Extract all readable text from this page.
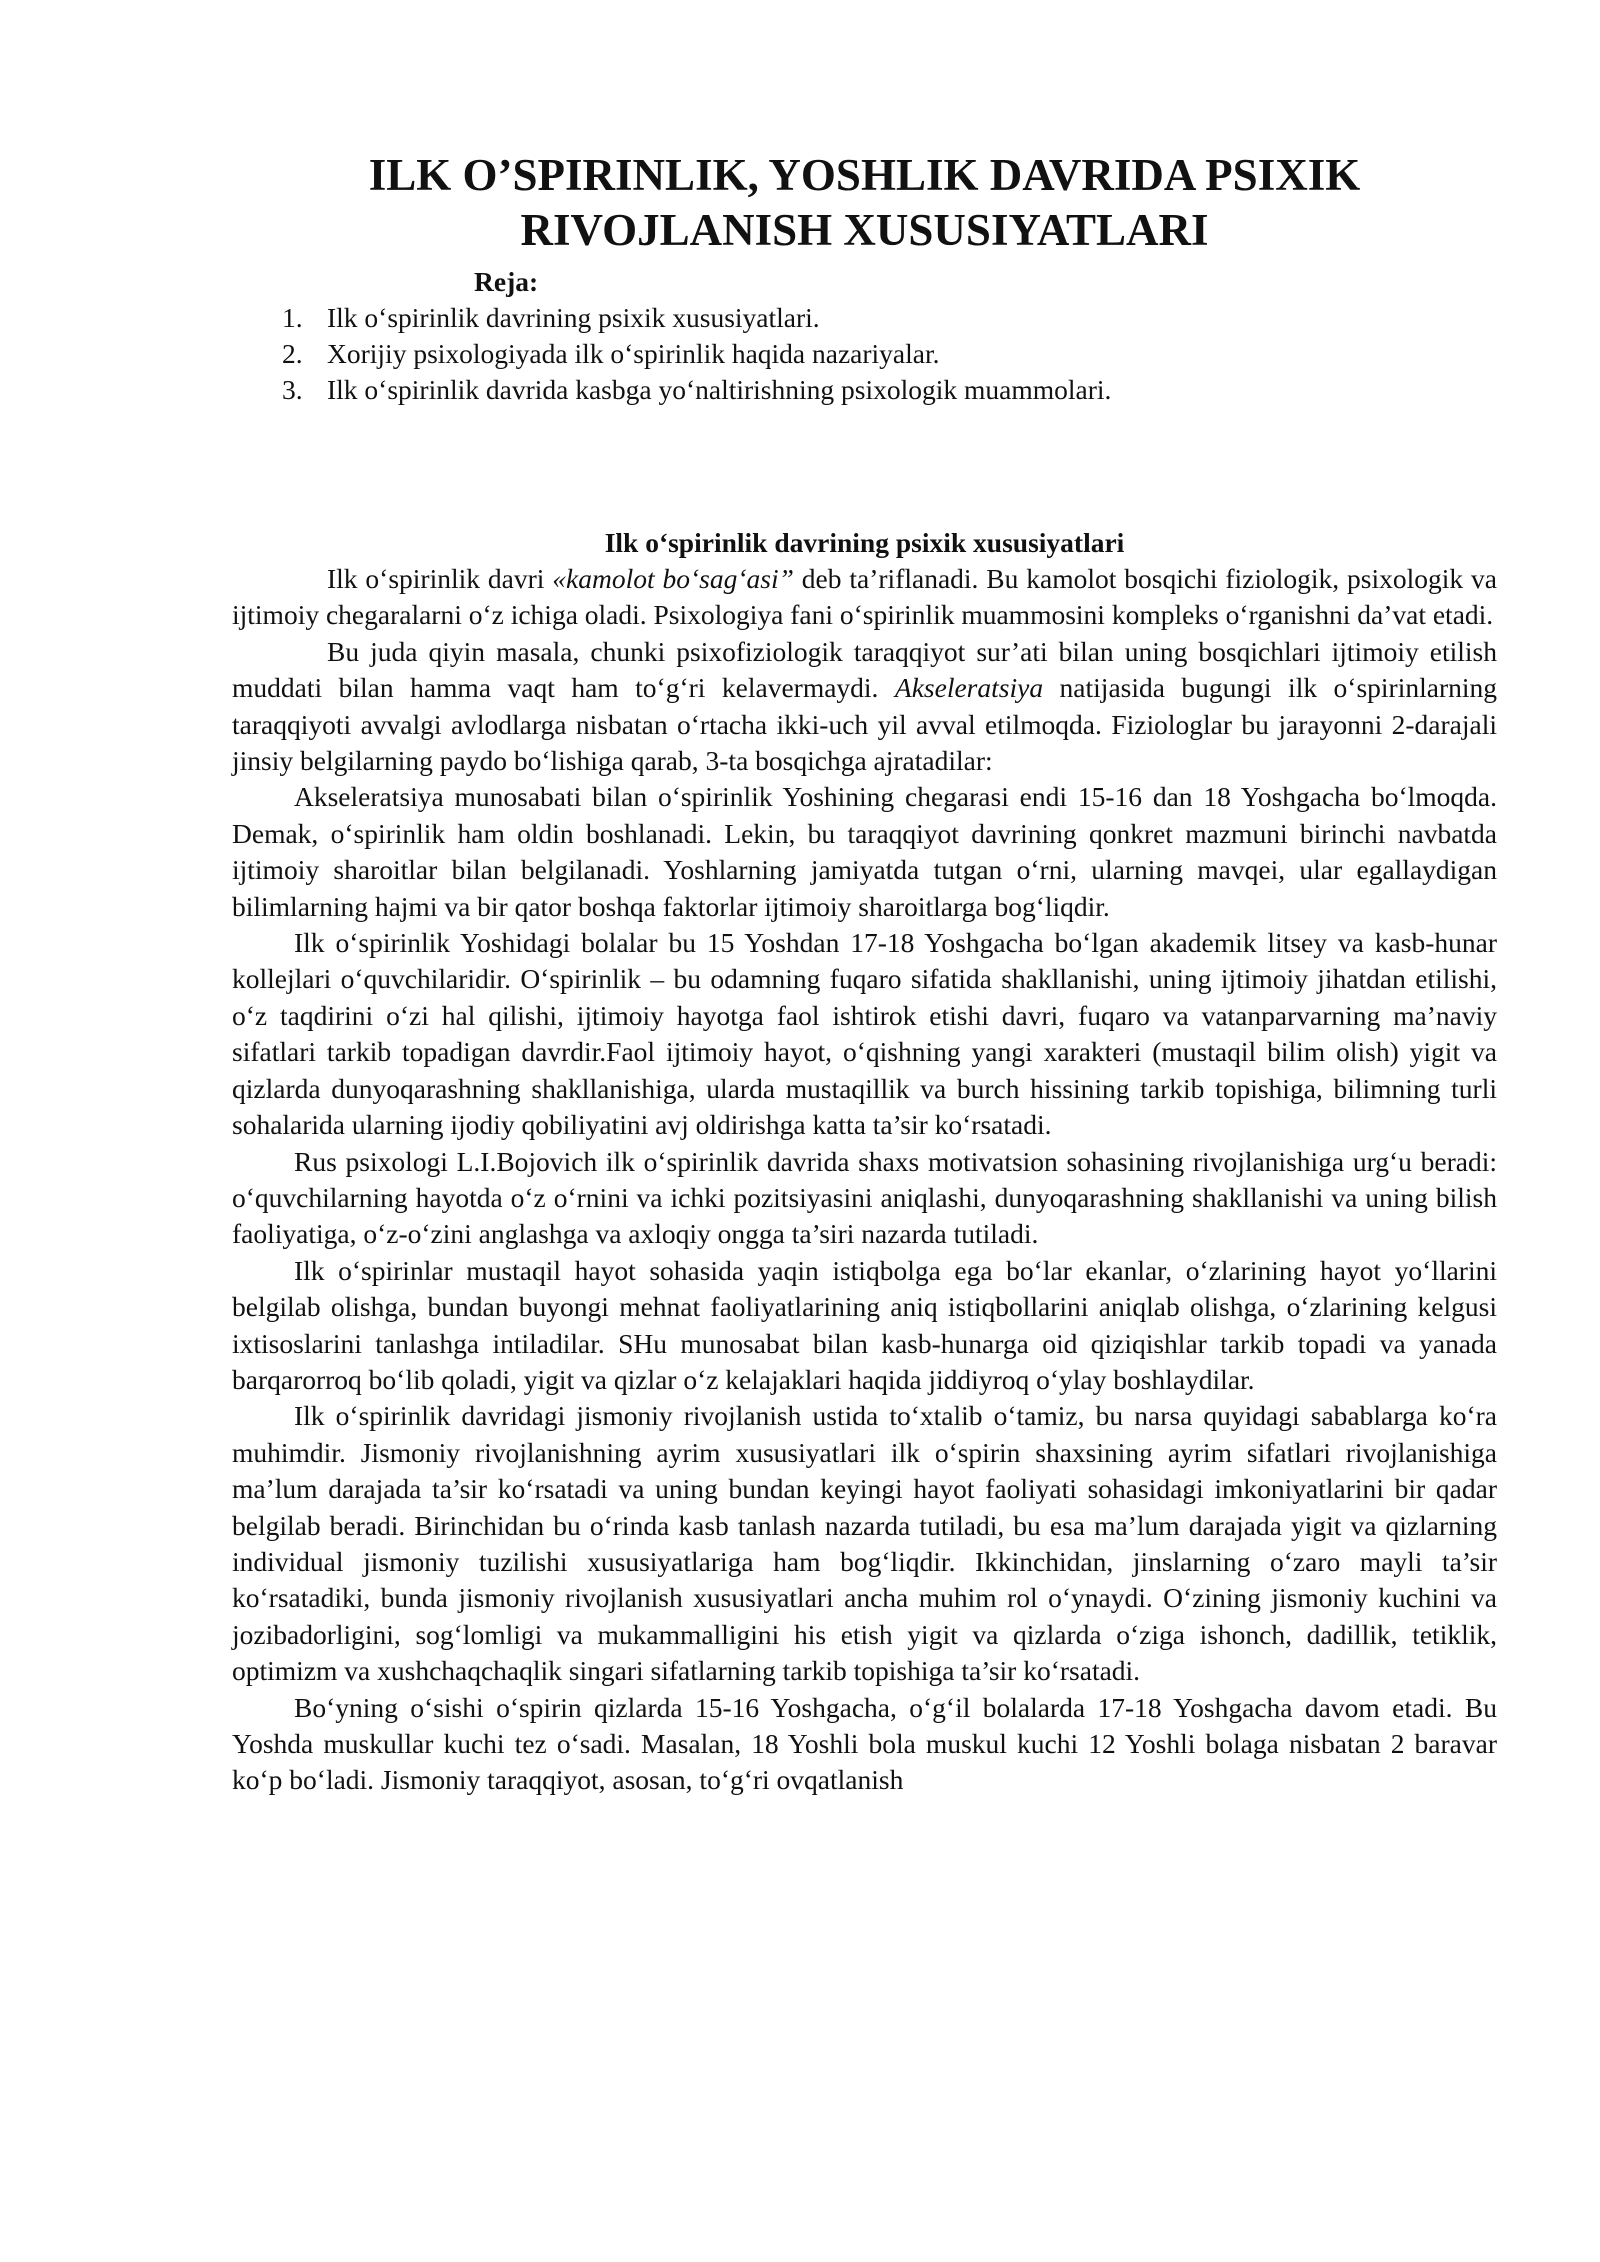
ILK O’SPIRINLIK, YOSHLIK DAVRIDA PSIXIK
RIVOJLANISH XUSUSIYATLARI
Reja:
1. Ilk o‘spirinlik davrining psixik xususiyatlari.
2. Xorijiy psixologiyada ilk o‘spirinlik haqida nazariyalar.
3. Ilk o‘spirinlik davrida kasbga yo‘naltirishning psixologik muammolari.
Ilk o‘spirinlik davrining psixik xususiyatlari

Ilk o‘spirinlik davri «kamolot bo‘sag‘asi” deb ta’riflanadi. Bu kamolot bosqichi fiziologik, psixologik va ijtimoiy chegaralarni o‘z ichiga oladi. Psixologiya fani o‘spirinlik muammosini kompleks o‘rganishni da’vat etadi.

Bu juda qiyin masala, chunki psixofiziologik taraqqiyot sur’ati bilan uning bosqichlari ijtimoiy etilish muddati bilan hamma vaqt ham to‘g‘ri kelavermaydi. Akseleratsiya natijasida bugungi ilk o‘spirinlarning taraqqiyoti avvalgi avlodlarga nisbatan o‘rtacha ikki-uch yil avval etilmoqda. Fiziologlar bu jarayonni 2-darajali jinsiy belgilarning paydo bo‘lishiga qarab, 3-ta bosqichga ajratadilar:

Akseleratsiya munosabati bilan o‘spirinlik Yoshining chegarasi endi 15-16 dan 18 Yoshgacha bo‘lmoqda. Demak, o‘spirinlik ham oldin boshlanadi. Lekin, bu taraqqiyot davrining qonkret mazmuni birinchi navbatda ijtimoiy sharoitlar bilan belgilanadi. Yoshlarning jamiyatda tutgan o‘rni, ularning mavqei, ular egallaydigan bilimlarning hajmi va bir qator boshqa faktorlar ijtimoiy sharoitlarga bog‘liqdir.

Ilk o‘spirinlik Yoshidagi bolalar bu 15 Yoshdan 17-18 Yoshgacha bo‘lgan akademik litsey va kasb-hunar kollejlari o‘quvchilaridir. O‘spirinlik – bu odamning fuqaro sifatida shakllanishi, uning ijtimoiy jihatdan etilishi, o‘z taqdirini o‘zi hal qilishi, ijtimoiy hayotga faol ishtirok etishi davri, fuqaro va vatanparvarning ma’naviy sifatlari tarkib topadigan davrdir.Faol ijtimoiy hayot, o‘qishning yangi xarakteri (mustaqil bilim olish) yigit va qizlarda dunyoqarashning shakllanishiga, ularda mustaqillik va burch hissining tarkib topishiga, bilimning turli sohalarida ularning ijodiy qobiliyatini avj oldirishga katta ta’sir ko‘rsatadi.

Rus psixologi L.I.Bojovich ilk o‘spirinlik davrida shaxs motivatsion sohasining rivojlanishiga urg‘u beradi: o‘quvchilarning hayotda o‘z o‘rnini va ichki pozitsiyasini aniqlashi, dunyoqarashning shakllanishi va uning bilish faoliyatiga, o‘z-o‘zini anglashga va axloqiy ongga ta’siri nazarda tutiladi.

Ilk o‘spirinlar mustaqil hayot sohasida yaqin istiqbolga ega bo‘lar ekanlar, o‘zlarining hayot yo‘llarini belgilab olishga, bundan buyongi mehnat faoliyatlarining aniq istiqbollarini aniqlab olishga, o‘zlarining kelgusi ixtisoslarini tanlashga intiladilar. SHu munosabat bilan kasb-hunarga oid qiziqishlar tarkib topadi va yanada barqarorroq bo‘lib qoladi, yigit va qizlar o‘z kelajaklari haqida jiddiyroq o‘ylay boshlaydilar.

Ilk o‘spirinlik davridagi jismoniy rivojlanish ustida to‘xtalib o‘tamiz, bu narsa quyidagi sabablarga ko‘ra muhimdir. Jismoniy rivojlanishning ayrim xususiyatlari ilk o‘spirin shaxsining ayrim sifatlari rivojlanishiga ma’lum darajada ta’sir ko‘rsatadi va uning bundan keyingi hayot faoliyati sohasidagi imkoniyatlarini bir qadar belgilab beradi. Birinchidan bu o‘rinda kasb tanlash nazarda tutiladi, bu esa ma’lum darajada yigit va qizlarning individual jismoniy tuzilishi xususiyatlariga ham bog‘liqdir. Ikkinchidan, jinslarning o‘zaro mayli ta’sir ko‘rsatadiki, bunda jismoniy rivojlanish xususiyatlari ancha muhim rol o‘ynaydi. O‘zining jismoniy kuchini va jozibadorligini, sog‘lomligi va mukammalligini his etish yigit va qizlarda o‘ziga ishonch, dadillik, tetiklik, optimizm va xushchaqchaqlik singari sifatlarning tarkib topishiga ta’sir ko‘rsatadi.

Bo‘yning o‘sishi o‘spirin qizlarda 15-16 Yoshgacha, o‘g‘il bolalarda 17-18 Yoshgacha davom etadi. Bu Yoshda muskullar kuchi tez o‘sadi. Masalan, 18 Yoshli bola muskul kuchi 12 Yoshli bolaga nisbatan 2 baravar ko‘p bo‘ladi. Jismoniy taraqqiyot, asosan, to‘g‘ri ovqatlanish
